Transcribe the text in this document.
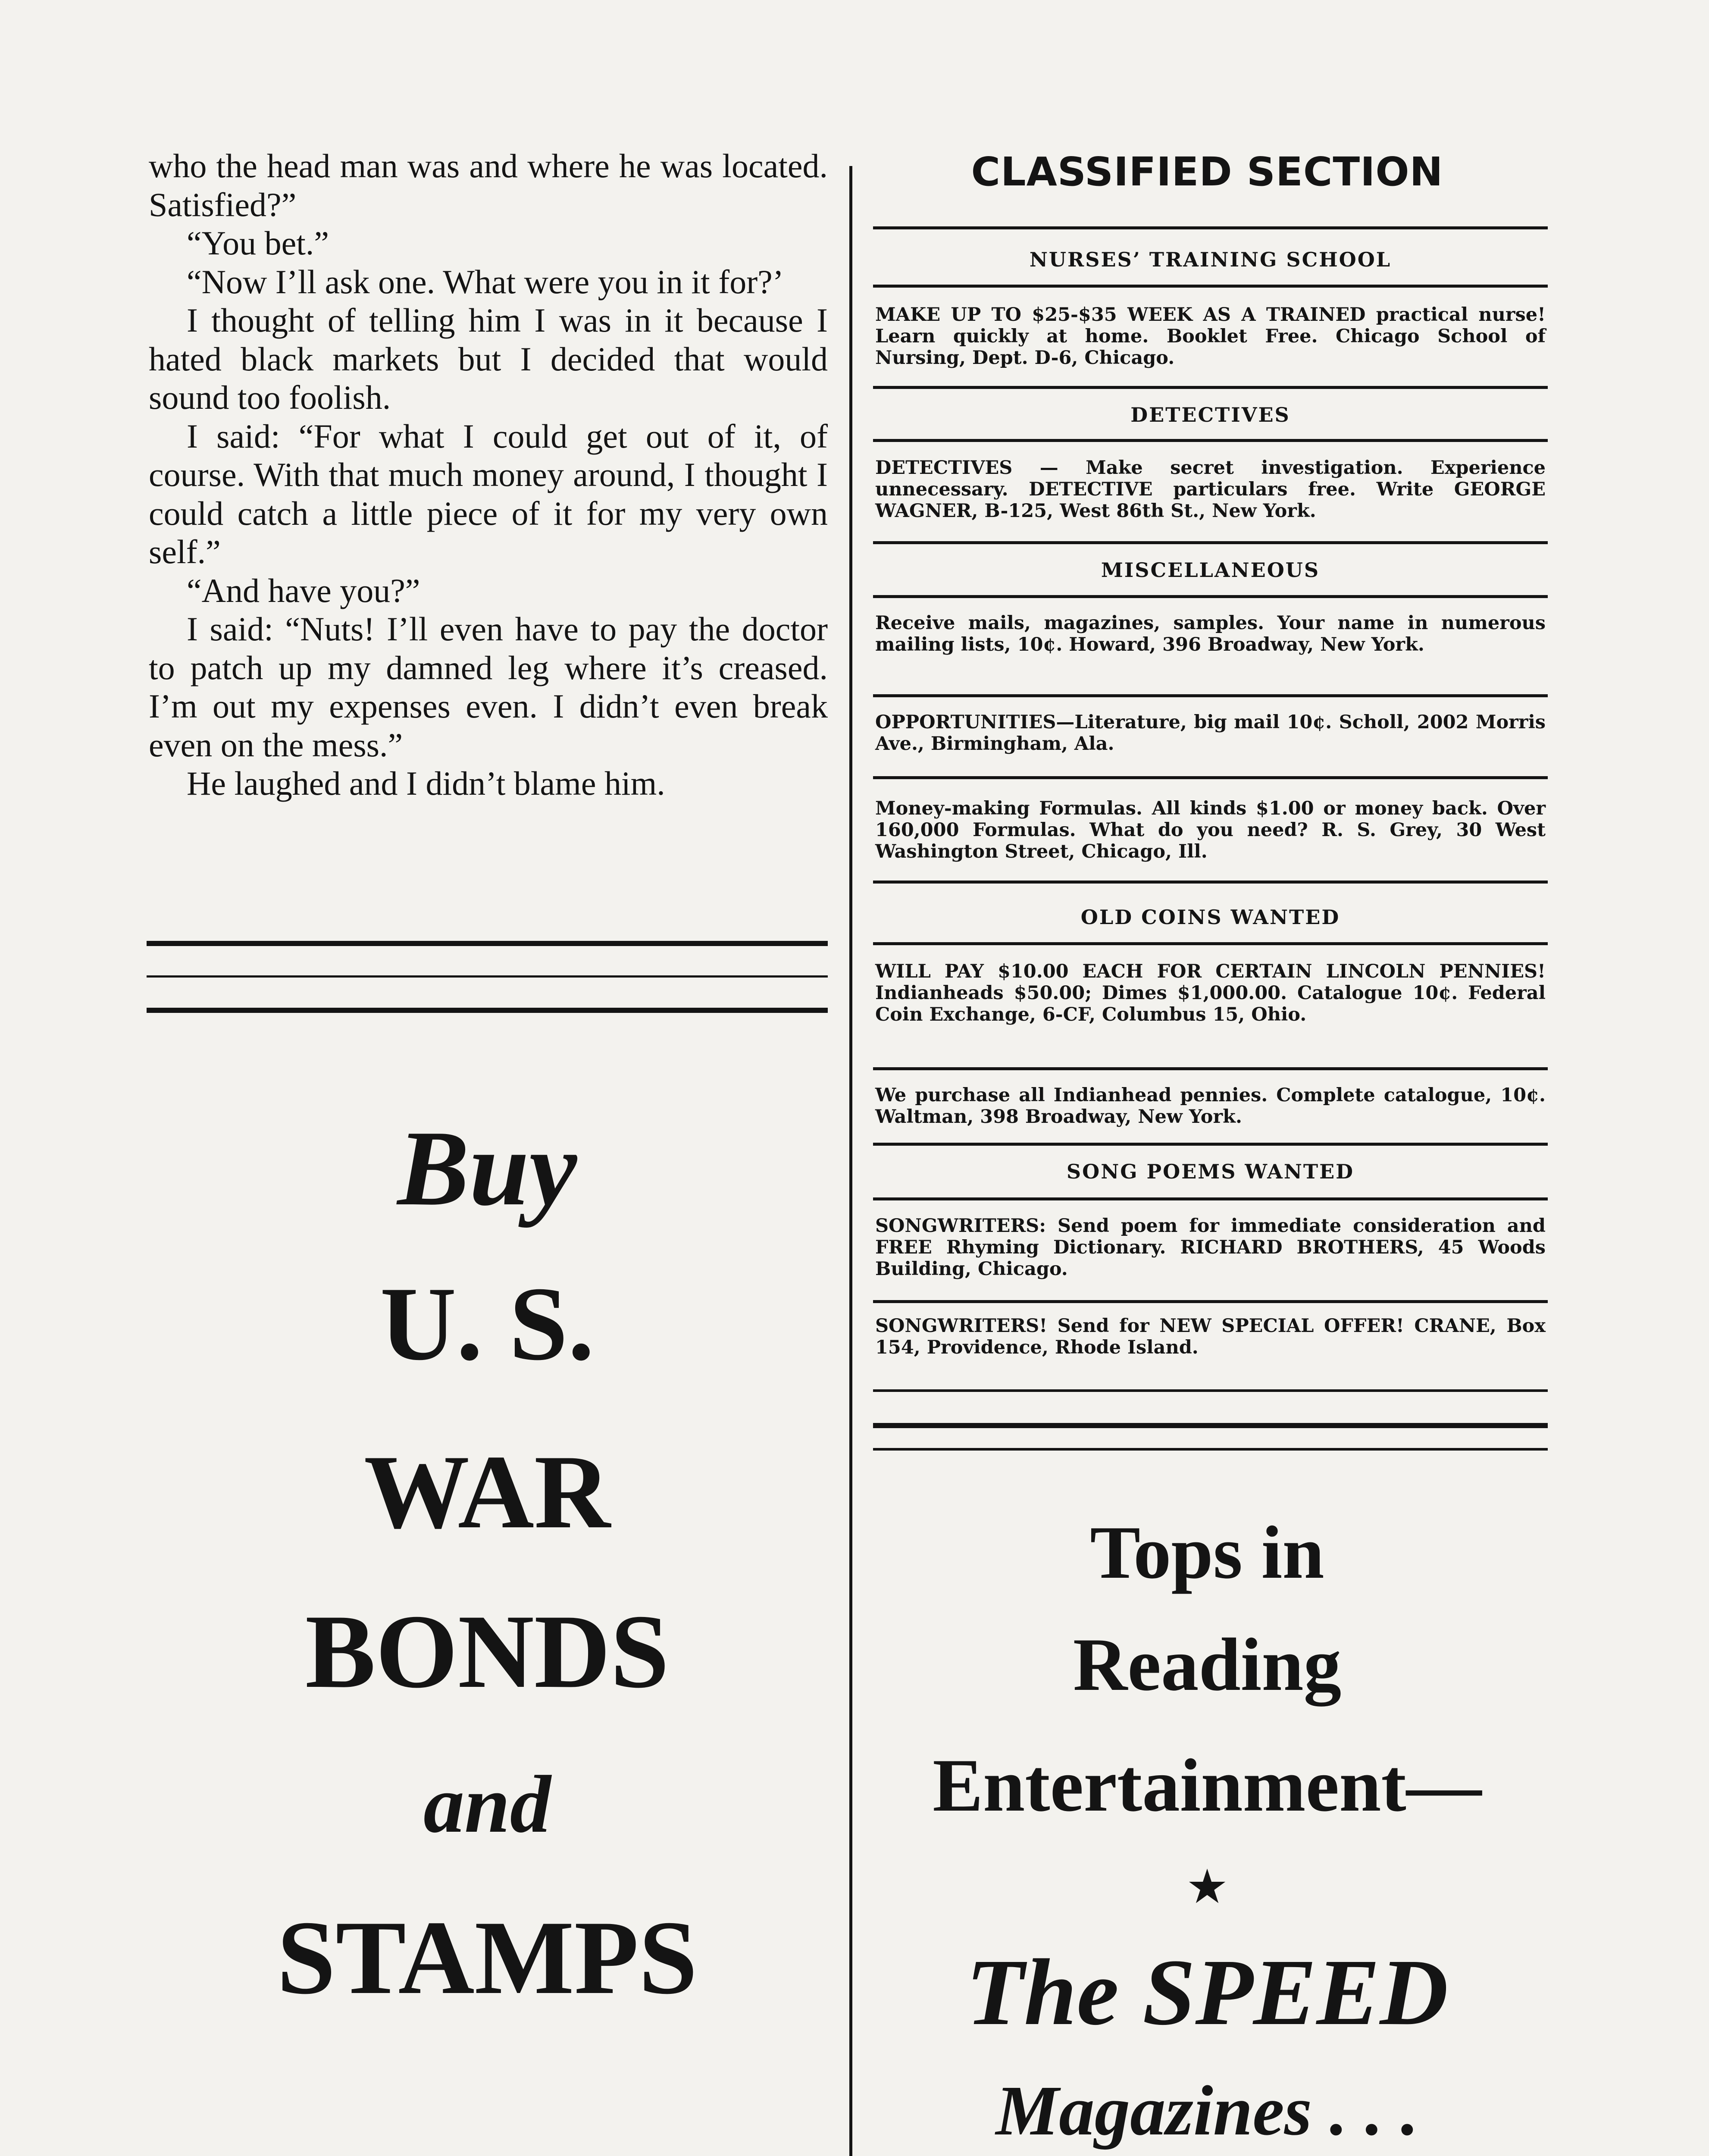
who the head man was and where he was located. Satisfied?”

“You bet.”

“Now I’ll ask one. What were you in it for?’

I thought of telling him I was in it because I hated black markets but I decided that would sound too foolish.

I said: “For what I could get out of it, of course. With that much money around, I thought I could catch a little piece of it for my very own self.”

“And have you?”

I said: “Nuts! I’ll even have to pay the doctor to patch up my damned leg where it’s creased. I’m out my expenses even. I didn’t even break even on the mess.”

He laughed and I didn’t blame him.

Buy
U. S.
WAR
BONDS
and
STAMPS
CLASSIFIED SECTION
NURSES’ TRAINING SCHOOL
MAKE UP TO $25-$35 WEEK AS A TRAINED practical nurse! Learn quickly at home. Booklet Free. Chicago School of Nursing, Dept. D-6, Chicago.
DETECTIVES
DETECTIVES — Make secret investigation. Experience unnecessary. DETECTIVE particulars free. Write GEORGE WAGNER, B-125, West 86th St., New York.
MISCELLANEOUS
Receive mails, magazines, samples. Your name in numerous mailing lists, 10¢. Howard, 396 Broadway, New York.
OPPORTUNITIES—Literature, big mail 10¢. Scholl, 2002 Morris Ave., Birmingham, Ala.
Money-making Formulas. All kinds $1.00 or money back. Over 160,000 Formulas. What do you need? R. S. Grey, 30 West Washington Street, Chicago, Ill.
OLD COINS WANTED
WILL PAY $10.00 EACH FOR CERTAIN LINCOLN PENNIES! Indianheads $50.00; Dimes $1,000.00. Catalogue 10¢. Federal Coin Exchange, 6-CF, Columbus 15, Ohio.
We purchase all Indianhead pennies. Complete catalogue, 10¢. Waltman, 398 Broadway, New York.
SONG POEMS WANTED
SONGWRITERS: Send poem for immediate consideration and FREE Rhyming Dictionary. RICHARD BROTHERS, 45 Woods Building, Chicago.
SONGWRITERS! Send for NEW SPECIAL OFFER! CRANE, Box 154, Providence, Rhode Island.
Tops in
Reading
Entertainment—
★
The SPEED
Magazines . . .
